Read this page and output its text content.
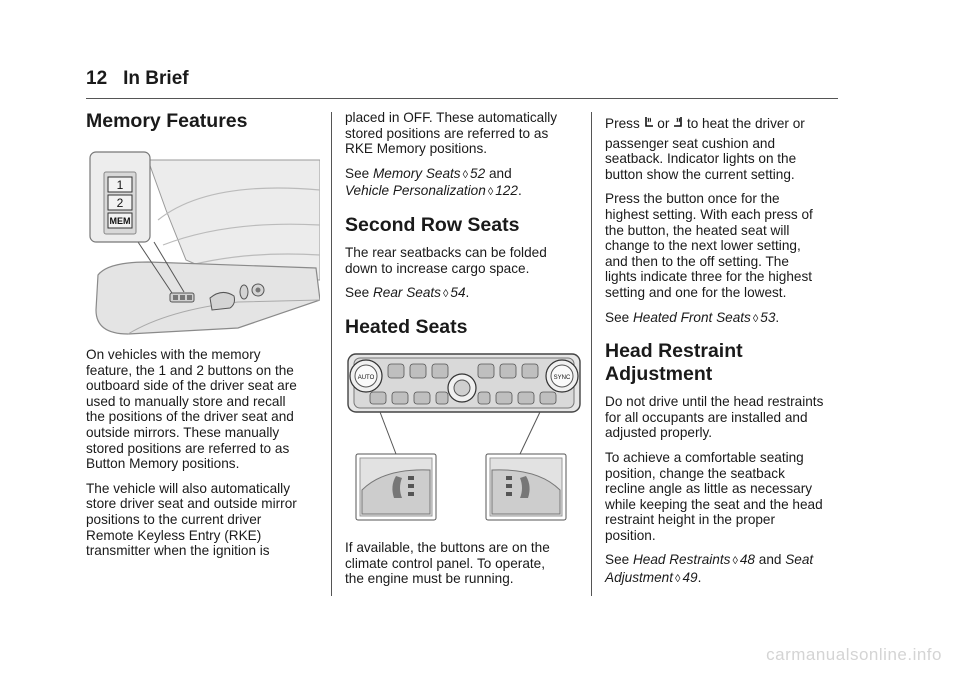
12 In Brief
Memory Features
1
2
MEM

On vehicles with the memory
feature, the 1 and 2 buttons on the
outboard side of the driver seat are
used to manually store and recall
the positions of the driver seat and
outside mirrors. These manually
stored positions are referred to as
Button Memory positions.

The vehicle will also automatically
store driver seat and outside mirror
positions to the current driver
Remote Keyless Entry (RKE)
transmitter when the ignition is

placed in OFF. These automatically
stored positions are referred to as
RKE Memory positions.

See Memory Seats ◊ 52 and
Vehicle Personalization ◊ 122.

Second Row Seats

The rear seatbacks can be folded
down to increase cargo space.

See Rear Seats ◊ 54.

Heated Seats
AUTO	SYNC

If available, the buttons are on the
climate control panel. To operate,
the engine must be running.

Press  or  to heat the driver or
passenger seat cushion and
seatback. Indicator lights on the
button show the current setting.

Press the button once for the
highest setting. With each press of
the button, the heated seat will
change to the next lower setting,
and then to the off setting. The
lights indicate three for the highest
setting and one for the lowest.

See Heated Front Seats ◊ 53.

Head Restraint
Adjustment

Do not drive until the head restraints
for all occupants are installed and
adjusted properly.

To achieve a comfortable seating
position, change the seatback
recline angle as little as necessary
while keeping the seat and the head
restraint height in the proper
position.

See Head Restraints ◊ 48 and Seat
Adjustment ◊ 49.

carmanualsonline.info
